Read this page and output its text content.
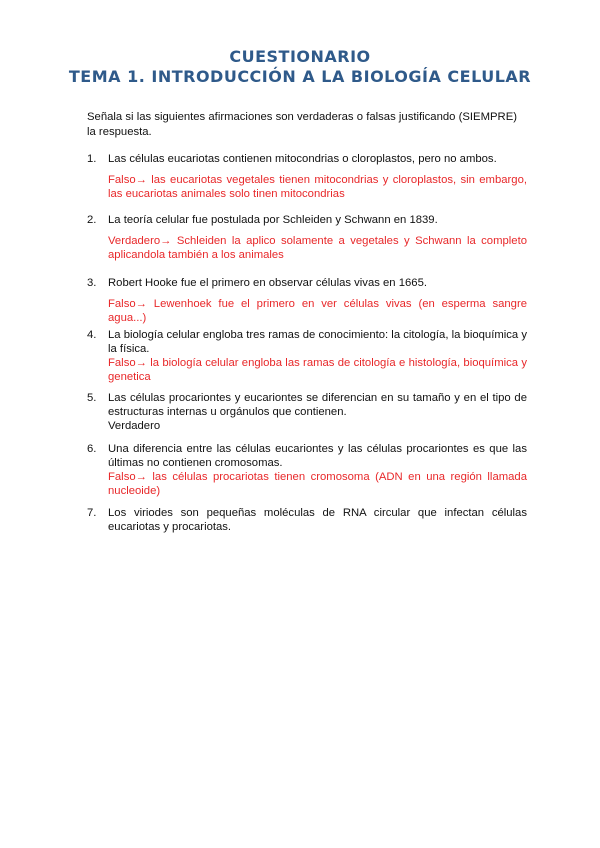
CUESTIONARIO
TEMA 1. INTRODUCCIÓN A LA BIOLOGÍA CELULAR
Señala si las siguientes afirmaciones son verdaderas o falsas justificando (SIEMPRE) la respuesta.
1.	Las células eucariotas contienen mitocondrias o cloroplastos, pero no ambos.
Falso→ las eucariotas vegetales tienen mitocondrias y cloroplastos, sin embargo, las eucariotas animales solo tinen mitocondrias
2.	La teoría celular fue postulada por Schleiden y Schwann en 1839.
Verdadero→ Schleiden la aplico solamente a vegetales y Schwann la completo aplicandola también a los animales
3.	Robert Hooke fue el primero en observar células vivas en 1665.
Falso→ Lewenhoek fue el primero en ver células vivas (en esperma sangre agua...)
4.	La biología celular engloba tres ramas de conocimiento: la citología, la bioquímica y la física.
Falso→ la biología celular engloba las ramas de citología e histología, bioquímica y genetica
5.	Las células procariontes y eucariontes se diferencian en su tamaño y en el tipo de estructuras internas u orgánulos que contienen.
Verdadero
6.	Una diferencia entre las células eucariontes y las células procariontes es que las últimas no contienen cromosomas.
Falso→ las células procariotas tienen cromosoma (ADN en una región llamada nucleoide)
7.	Los viriodes son pequeñas moléculas de RNA circular que infectan células eucariotas y procariotas.
